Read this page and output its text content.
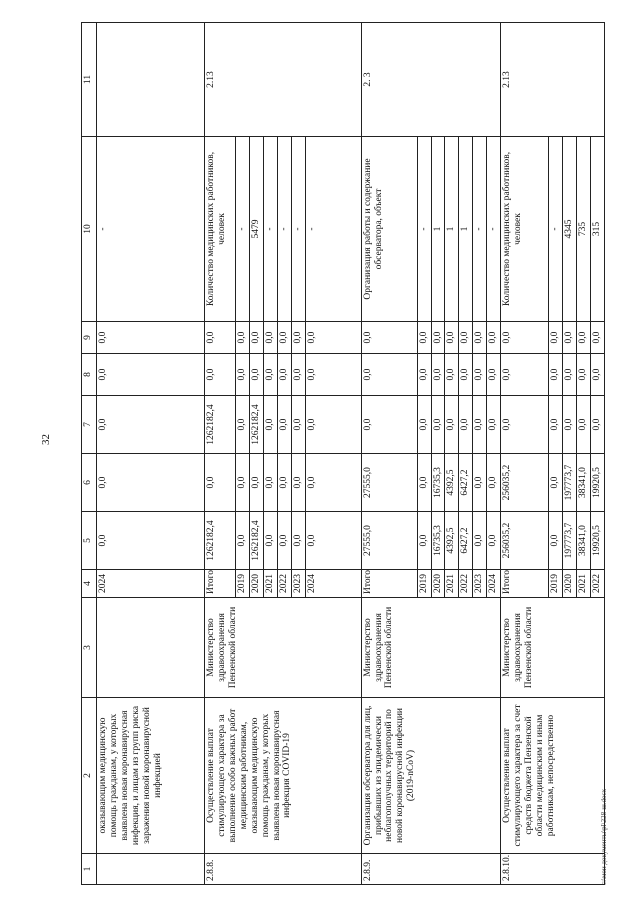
32
c:\мои документы\pl\228-ш.docx
1	2	3	4	5	6	7	8	9	10	11
	оказывающим медицинскую помощь гражданам, у которых выявлена новая коронавирусная инфекция, и лицам из групп риска заражения новой коронавирусной инфекцией		2024	0,0	0,0	0,0	0,0	0,0	-	
2.8.8.	Осуществление выплат стимулирующего характера за выполнение особо важных работ медицинским работникам, оказывающим медицинскую помощь гражданам, у которых выявлена новая коронавирусная инфекция COVID-19	Министерство здравоохранения Пензенской области	Итого	1262182,4	0,0	1262182,4	0,0	0,0	Количество медицинских работников, человек	2.13
			2019	0,0	0,0	0,0	0,0	0,0	-	
			2020	1262182,4	0,0	1262182,4	0,0	0,0	5479	
			2021	0,0	0,0	0,0	0,0	0,0	-	
			2022	0,0	0,0	0,0	0,0	0,0	-	
			2023	0,0	0,0	0,0	0,0	0,0	-	
			2024	0,0	0,0	0,0	0,0	0,0	-	
2.8.9.	Организация обсерватора для лиц, прибывших из эпидемически неблагополучных территорий по новой коронавирусной инфекции (2019-nCoV)	Министерство здравоохранения Пензенской области	Итого	27555,0	27555,0	0,0	0,0	0,0	Организация работы и содержание обсерватора, объект	2. 3
			2019	0,0	0,0	0,0	0,0	0,0	-	
			2020	16735,3	16735,3	0,0	0,0	0,0	1	
			2021	4392,5	4392,5	0,0	0,0	0,0	1	
			2022	6427,2	6427,2	0,0	0,0	0,0	1	
			2023	0,0	0,0	0,0	0,0	0,0	-	
			2024	0,0	0,0	0,0	0,0	0,0	-	
2.8.10.	Осуществление выплат стимулирующего характера за счет средств бюджета Пензенской области медицинским и иным работникам, непосредственно	Министерство здравоохранения Пензенской области	Итого	256035,2	256035,2	0,0	0,0	0,0	Количество медицинских работников, человек	2.13
			2019	0,0	0,0	0,0	0,0	0,0	-	
			2020	197773,7	197773,7	0,0	0,0	0,0	4345	
			2021	38341,0	38341,0	0,0	0,0	0,0	735	
			2022	19920,5	19920,5	0,0	0,0	0,0	315	
